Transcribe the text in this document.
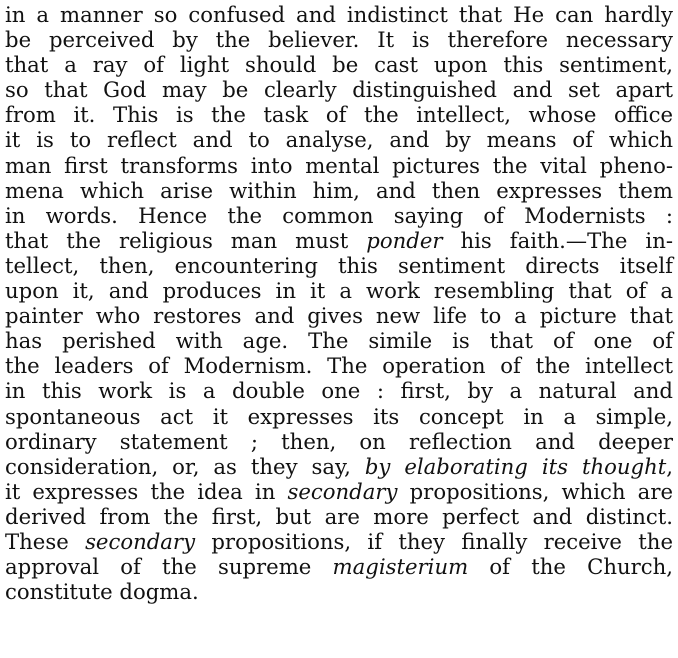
in a manner so confused and indistinct that He can hardly
be perceived by the believer. It is therefore necessary
that a ray of light should be cast upon this sentiment,
so that God may be clearly distinguished and set apart
from it. This is the task of the intellect, whose office
it is to reflect and to analyse, and by means of which
man first transforms into mental pictures the vital pheno-
mena which arise within him, and then expresses them
in words. Hence the common saying of Modernists :
that the religious man must ponder his faith.—The in-
tellect, then, encountering this sentiment directs itself
upon it, and produces in it a work resembling that of a
painter who restores and gives new life to a picture that
has perished with age. The simile is that of one of
the leaders of Modernism. The operation of the intellect
in this work is a double one : first, by a natural and
spontaneous act it expresses its concept in a simple,
ordinary statement ; then, on reflection and deeper
consideration, or, as they say, by elaborating its thought,
it expresses the idea in secondary propositions, which are
derived from the first, but are more perfect and distinct.
These secondary propositions, if they finally receive the
approval of the supreme magisterium of the Church,
constitute dogma.
